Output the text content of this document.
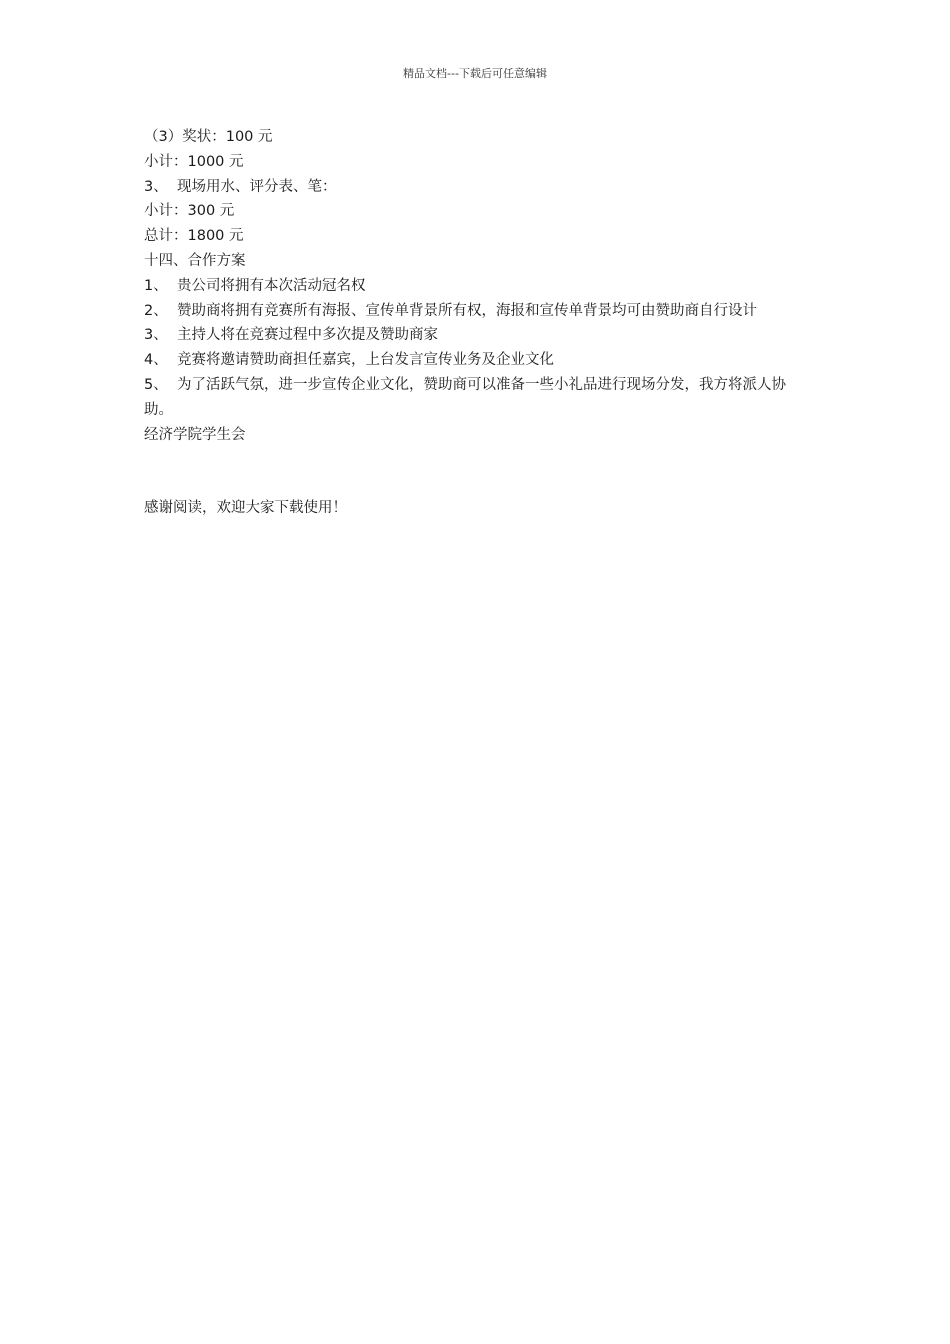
精品文档---下载后可任意编辑

（3）奖状：100 元

小计：1000 元

3、 现场用水、评分表、笔：

小计：300 元

总计：1800 元

十四、合作方案

1、 贵公司将拥有本次活动冠名权

2、 赞助商将拥有竞赛所有海报、宣传单背景所有权，海报和宣传单背景均可由赞助商自行设计

3、 主持人将在竞赛过程中多次提及赞助商家

4、 竞赛将邀请赞助商担任嘉宾，上台发言宣传业务及企业文化

5、 为了活跃气氛，进一步宣传企业文化，赞助商可以准备一些小礼品进行现场分发，我方将派人协助。

经济学院学生会

感谢阅读，欢迎大家下载使用！
